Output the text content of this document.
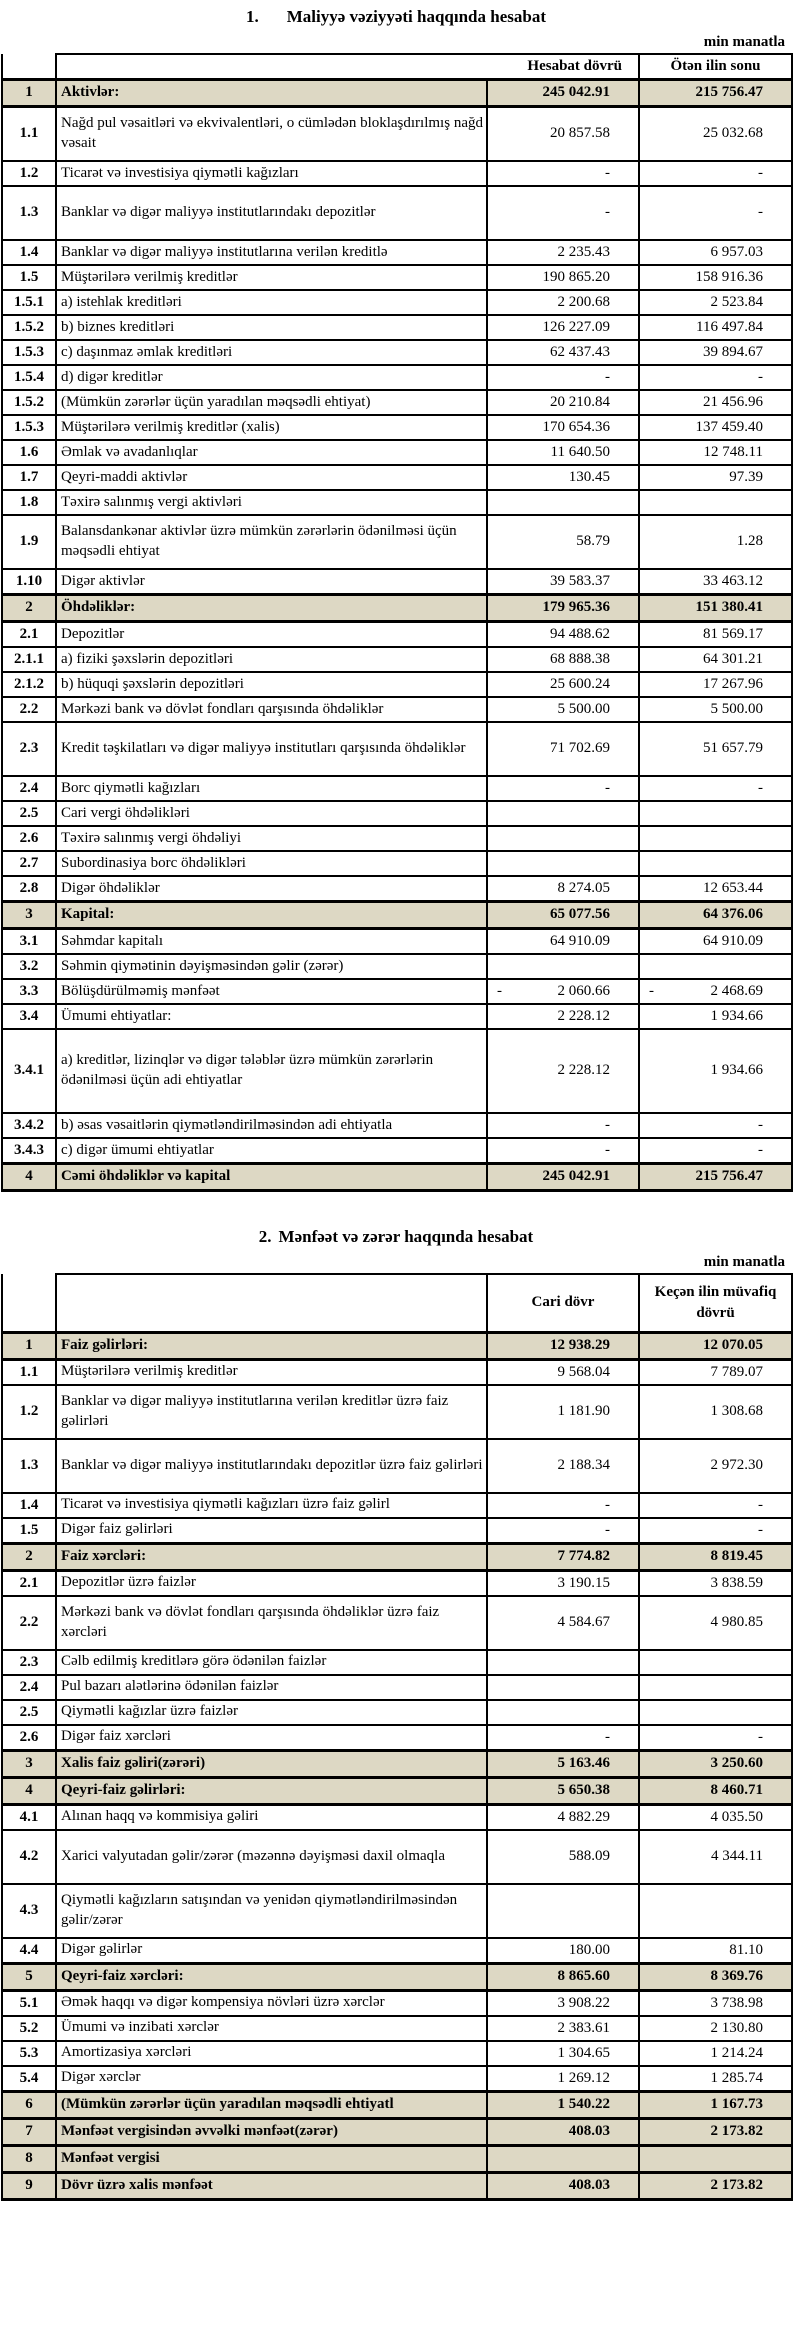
1. Maliyyə vəziyyəti haqqında hesabat
min manatla
	Hesabat dövrü		Ötən ilin sonu
1	Aktivlər:	245 042.91	215 756.47

1.1	Nağd pul vəsaitləri və ekvivalentləri, o cümlədən bloklaşdırılmış nağd vəsait	20 857.58	25 032.68

1.2	Ticarət və investisiya qiymətli kağızları	-	-

1.3	Banklar və digər maliyyə institutlarındakı depozitlər	-	-

1.4	Banklar və digər maliyyə institutlarına verilən kreditlə	2 235.43	6 957.03

1.5	Müştərilərə verilmiş kreditlər	190 865.20	158 916.36

1.5.1	a) istehlak kreditləri	2 200.68	2 523.84

1.5.2	b) biznes kreditləri	126 227.09	116 497.84

1.5.3	c) daşınmaz əmlak kreditləri	62 437.43	39 894.67

1.5.4	d) digər kreditlər	-	-

1.5.2	(Mümkün zərərlər üçün yaradılan məqsədli ehtiyat)	20 210.84	21 456.96

1.5.3	Müştərilərə verilmiş kreditlər (xalis)	170 654.36	137 459.40

1.6	Əmlak və avadanlıqlar	11 640.50	12 748.11

1.7	Qeyri-maddi aktivlər	130.45	97.39

1.8	Təxirə salınmış vergi aktivləri		

1.9	Balansdankənar aktivlər üzrə mümkün zərərlərin ödənilməsi üçün məqsədli ehtiyat	58.79	1.28

1.10	Digər aktivlər	39 583.37	33 463.12

2	Öhdəliklər:	179 965.36	151 380.41

2.1	Depozitlər	94 488.62	81 569.17

2.1.1	a) fiziki şəxslərin depozitləri	68 888.38	64 301.21

2.1.2	b) hüquqi şəxslərin depozitləri	25 600.24	17 267.96

2.2	Mərkəzi bank və dövlət fondları qarşısında öhdəliklər	5 500.00	5 500.00

2.3	Kredit təşkilatları və digər maliyyə institutları qarşısında öhdəliklər	71 702.69	51 657.79

2.4	Borc qiymətli kağızları	-	-

2.5	Cari vergi öhdəlikləri		

2.6	Təxirə salınmış vergi öhdəliyi		

2.7	Subordinasiya borc öhdəlikləri		

2.8	Digər öhdəliklər	8 274.05	12 653.44

3	Kapital:	65 077.56	64 376.06

3.1	Səhmdar kapitalı	64 910.09	64 910.09

3.2	Səhmin qiymətinin dəyişməsindən gəlir (zərər)		

3.3	Bölüşdürülməmiş mənfəət	- 2 060.66	- 2 468.69

3.4	Ümumi ehtiyatlar:	2 228.12	1 934.66

3.4.1	a) kreditlər, lizinqlər və digər tələblər üzrə mümkün zərərlərin ödənilməsi üçün adi ehtiyatlar	2 228.12	1 934.66

3.4.2	b) əsas vəsaitlərin qiymətləndirilməsindən adi ehtiyatla	-	-

3.4.3	c) digər ümumi ehtiyatlar	-	-

4	Cəmi öhdəliklər və kapital	245 042.91	215 756.47
2. Mənfəət və zərər haqqında hesabat
min manatla
		Cari dövr	Keçən ilin müvafiq dövrü
1	Faiz gəlirləri:	12 938.29	12 070.05

1.1	Müştərilərə verilmiş kreditlər	9 568.04	7 789.07

1.2	Banklar və digər maliyyə institutlarına verilən kreditlər üzrə faiz gəlirləri	1 181.90	1 308.68

1.3	Banklar və digər maliyyə institutlarındakı depozitlər üzrə faiz gəlirləri	2 188.34	2 972.30

1.4	Ticarət və investisiya qiymətli kağızları üzrə faiz gəlirl	-	-

1.5	Digər faiz gəlirləri	-	-

2	Faiz xərcləri:	7 774.82	8 819.45

2.1	Depozitlər üzrə faizlər	3 190.15	3 838.59

2.2	Mərkəzi bank və dövlət fondları qarşısında öhdəliklər üzrə faiz xərcləri	4 584.67	4 980.85

2.3	Cəlb edilmiş kreditlərə görə ödənilən faizlər		

2.4	Pul bazarı alətlərinə ödənilən faizlər		

2.5	Qiymətli kağızlar üzrə faizlər		

2.6	Digər faiz xərcləri	-	-

3	Xalis faiz gəliri(zərəri)	5 163.46	3 250.60

4	Qeyri-faiz gəlirləri:	5 650.38	8 460.71

4.1	Alınan haqq və kommisiya gəliri	4 882.29	4 035.50

4.2	Xarici valyutadan gəlir/zərər (məzənnə dəyişməsi daxil olmaqla	588.09	4 344.11

4.3	Qiymətli kağızların satışından və yenidən qiymətləndirilməsindən gəlir/zərər		

4.4	Digər gəlirlər	180.00	81.10

5	Qeyri-faiz xərcləri:	8 865.60	8 369.76

5.1	Əmək haqqı və digər kompensiya növləri üzrə xərclər	3 908.22	3 738.98

5.2	Ümumi və inzibati xərclər	2 383.61	2 130.80

5.3	Amortizasiya xərcləri	1 304.65	1 214.24

5.4	Digər xərclər	1 269.12	1 285.74

6	(Mümkün zərərlər üçün yaradılan məqsədli ehtiyatl	1 540.22	1 167.73

7	Mənfəət vergisindən əvvəlki mənfəət(zərər)	408.03	2 173.82

8	Mənfəət vergisi		

9	Dövr üzrə xalis mənfəət	408.03	2 173.82
